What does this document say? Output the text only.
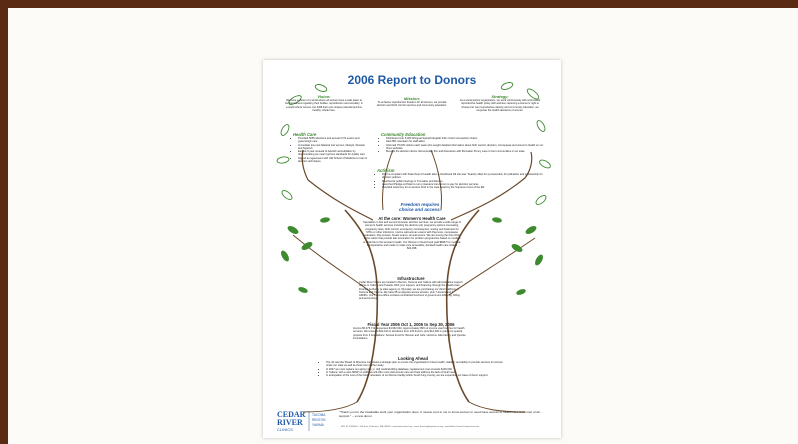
2006 Report to Donors
Vision:
We have a vision of a world where all women have a safe place to be themselves regarding their bodies, reproduction and sexuality; in a world where women can fulfill their own unique potential and live healthy, whole lives.
Mission:
To enhance reproductive freedom for all women, we provide abortion and birth control services and community education.
Strategy:
As a social justice organization, we work continuously with and toward reproductive health policy with activism capturing a women's right to choose her own reproductive destiny and community education, we empower the health decisions of women.
Health Care
• Provided 5655 abortions and annual GYN exams and gynecologic care
• Immediate low-cost bilateral into women, lifestyle, Russian and Spanish
• Earned 3-year renewal of AAAHC accreditation by demonstrating we meet rigorous standards for quality care
• Signed an agreement with UW School of Medicine to train in abortion techniques
Community Education
• Distributed over 5,000 bilingual Spanish-English birth control comparison charts
• Had 286 volunteers for staff aides
• Informed 75,000 visitors each week who sought detailed information about birth control, abortion, menopause and women's health on our three websites
• Brought the abortion doctor documentary film and discussion with filmmaker Penny Lane to four communities in our state
Activism
• Filed a complaint with State Dept of Health after a checkbook bill site was "heavily rolled for a prosecution for pollination and partisanship for abortion policies
• Reached at public hearings in Tumwater and Renton
• Launched Pledge-A-Picket to turn protesters into donors to pay for abortion services
• Provided testimony for an amicus brief in the case heard by the Supreme Court of the ER
Freedom requires
choice and access.
At the core: Women's Health Care
Specialists in first and second trimester abortion services, we provide a wide range of women's health services including the abortion pill, pregnancy options counseling, pregnancy tests, birth control, emergency contraception, testing and treatment for STDs or other infections, routine well-woman exams with Pap tests, menopause evaluation, Pap smears, breast exams, annual exams. We are among the few clinics in the nation that provide late termination for problem pregnancies based on medical or fetal risk to the woman's health. Our Women in Need Fund paid $8967 for medical, transportation and meals to make care accessible; donated health care totaled $24,938.
Infrastructure
Cedar River Clinics are located in Renton, Tacoma and Yakima with administrative support offices in Yakima and Tukwila. With your support, and financing through the Health Care Finance Authority (a state agency in Olympia), we are purchasing our clinic buildings in Tacoma and Yakima. We have 55 employees across all sites, plus 7 doctors and 4 ARNPs. Our Yakima office contains centralized functions of government lobbying, billing and accounting.
Fiscal Year 2006 Oct 1, 2005 to Sep 30, 2006
Income $5,475,712. Expenses $4,962,640. Approximately 89% of income was from fee for health services. We received $22,194 in donations from 215 donors, plus $12,000 in grants for special projects from 3 foundations: Sonora Fund for Women and Girls, Horizons, Elia Family and Quixote Foundations.
Looking Ahead
• The 10-member Board of Directors completed a strategic plan to ensure the organization's future health, stability, and ability to provide services for women under our state as well as those from farther away.
• In 2007 we must replace our aging (14+ yr. old) medical billing database; replacement cost exceeds $100,000.
• In Yakima, with a new ARNP on staff, we will offer more well woman care and help address the lack of local need.
• In anticipation of the cost of the future relocation of our Renton facility within South King County, we are expanding our base of donor support.
CEDAR
RIVER
CLINICS
TACOMA
RENTON
YAKIMA
"Thank you for the invaluable work your organization does. It means a lot to me to know women in need have access to health care and most of all ... support." – a new donor.
EIN: 91-1083604 • 100 East St Renton, WA, 98055 • www.birthcontrol.org • www.TeachingExperience.org • www.Birth-Control-Comparison.info
